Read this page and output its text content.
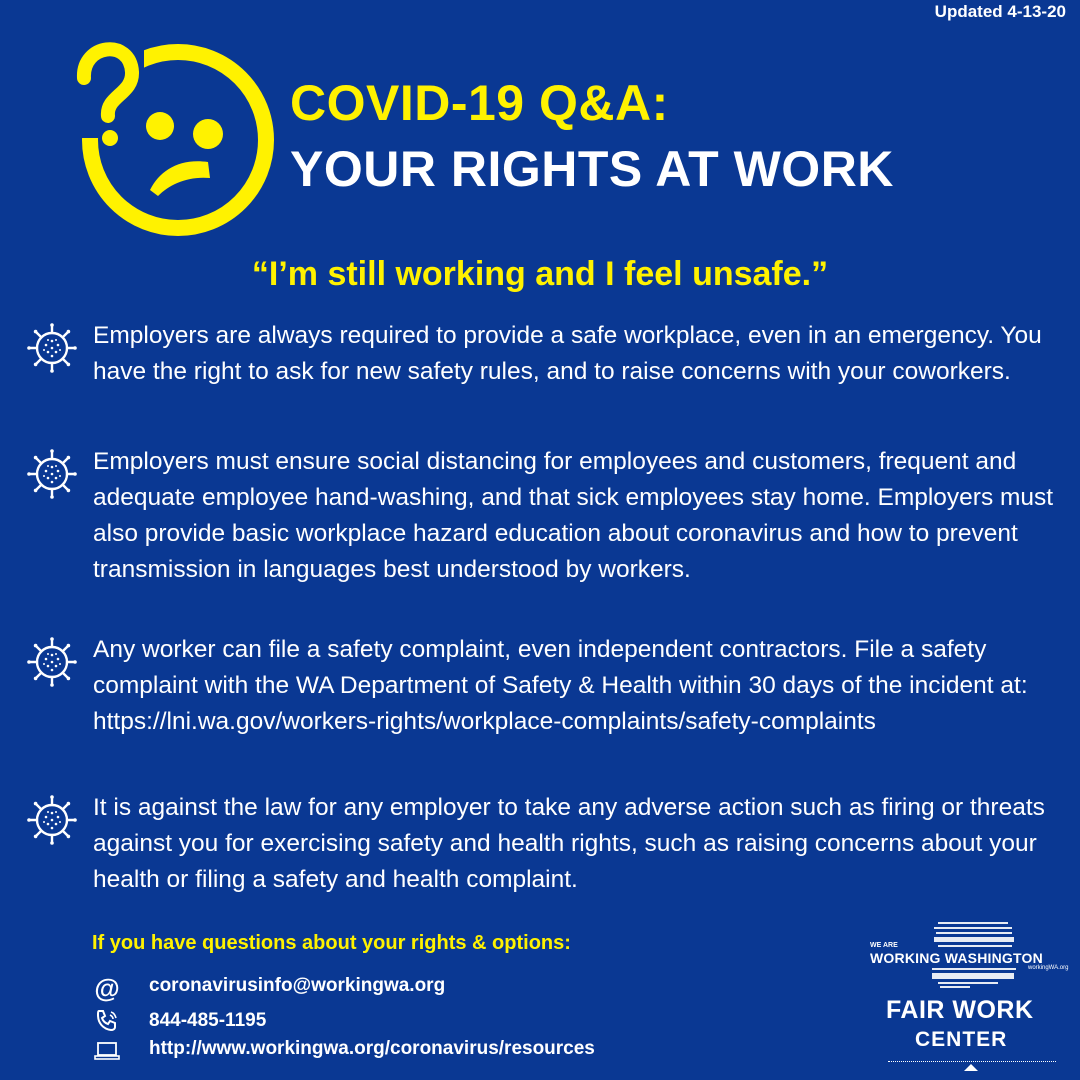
Updated 4-13-20
COVID-19 Q&A:
YOUR RIGHTS AT WORK
“I’m still working and I feel unsafe.”
Employers are always required to provide a safe workplace, even in an emergency. You have the right to ask for new safety rules, and to raise concerns with your coworkers.
Employers must ensure social distancing for employees and customers, frequent and adequate employee hand-washing, and that sick employees stay home. Employers must also provide basic workplace hazard education about coronavirus and how to prevent transmission in languages best understood by workers.
Any worker can file a safety complaint, even independent contractors. File a safety complaint with the WA Department of Safety & Health within 30 days of the incident at: https://lni.wa.gov/workers-rights/workplace-complaints/safety-complaints
It is against the law for any employer to take any adverse action such as firing or threats against you for exercising safety and health rights, such as raising concerns about your health or filing a safety and health complaint.
If you have questions about your rights & options:
@ coronavirusinfo@workingwa.org
844-485-1195
http://www.workingwa.org/coronavirus/resources
WE ARE
WORKING WASHINGTON
workingWA.org
FAIR WORK
CENTER
